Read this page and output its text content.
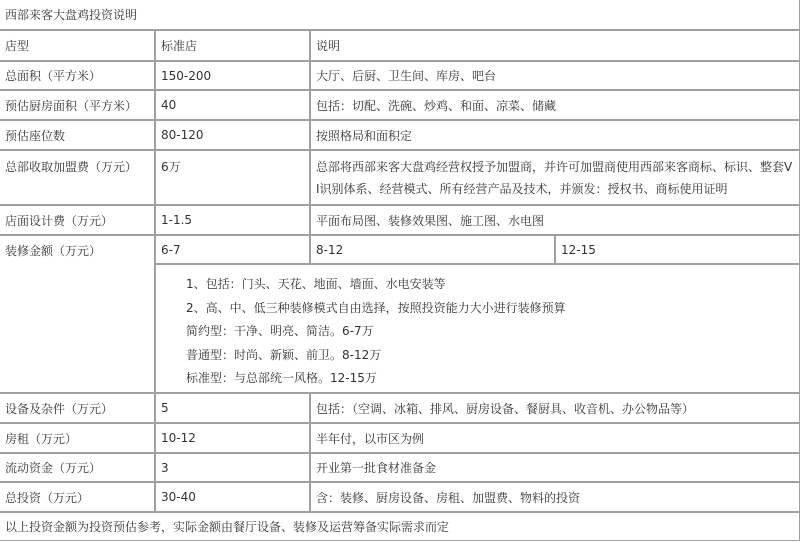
西部来客大盘鸡投资说明
店型	标准店	说明
总面积（平方米）	150-200	大厅、后厨、卫生间、库房、吧台
预估厨房面积（平方米）	40	包括：切配、洗碗、炒鸡、和面、凉菜、储藏
预估座位数	80-120	按照格局和面积定
总部收取加盟费（万元）	6万	总部将西部来客大盘鸡经营权授予加盟商，并许可加盟商使用西部来客商标、标识、整套VI识别体系、经营模式、所有经营产品及技术，并颁发：授权书、商标使用证明
店面设计费（万元）	1-1.5	平面布局图、装修效果图、施工图、水电图
装修金额（万元）	6-7	8-12	12-15
1、包括：门头、天花、地面、墙面、水电安装等
2、高、中、低三种装修模式自由选择，按照投资能力大小进行装修预算
简约型：干净、明亮、简洁。6-7万
普通型：时尚、新颖、前卫。8-12万
标准型：与总部统一风格。12-15万
设备及杂件（万元）	5	包括：（空调、冰箱、排风、厨房设备、餐厨具、收音机、办公物品等）
房租（万元）	10-12	半年付，以市区为例
流动资金（万元）	3	开业第一批食材准备金
总投资（万元）	30-40	含：装修、厨房设备、房租、加盟费、物料的投资
以上投资金额为投资预估参考，实际金额由餐厅设备、装修及运营筹备实际需求而定
